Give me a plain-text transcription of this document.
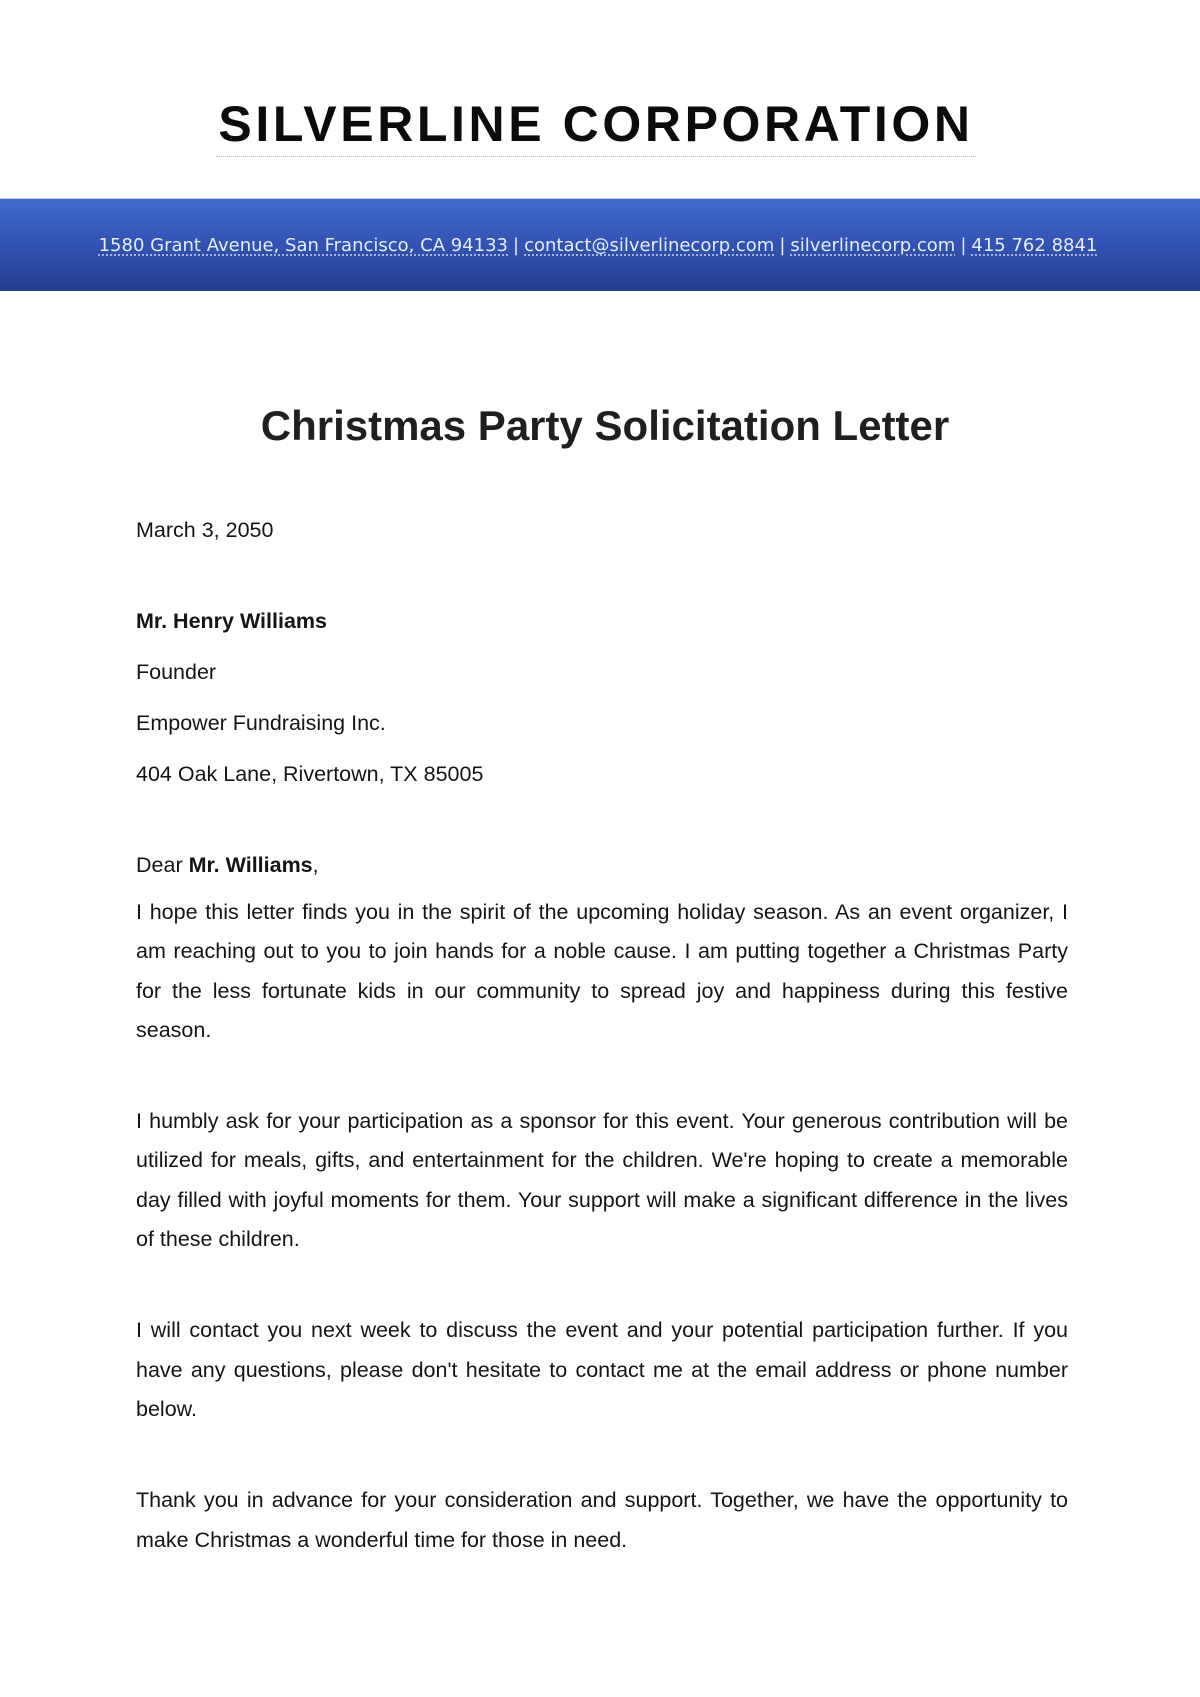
SILVERLINE CORPORATION
1580 Grant Avenue, San Francisco, CA 94133 | contact@silverlinecorp.com | silverlinecorp.com | 415 762 8841
Christmas Party Solicitation Letter
March 3, 2050
Mr. Henry Williams
Founder
Empower Fundraising Inc.
404 Oak Lane, Rivertown, TX 85005
Dear Mr. Williams,

I hope this letter finds you in the spirit of the upcoming holiday season. As an event organizer, I am reaching out to you to join hands for a noble cause. I am putting together a Christmas Party for the less fortunate kids in our community to spread joy and happiness during this festive season.

I humbly ask for your participation as a sponsor for this event. Your generous contribution will be utilized for meals, gifts, and entertainment for the children. We're hoping to create a memorable day filled with joyful moments for them. Your support will make a significant difference in the lives of these children.

I will contact you next week to discuss the event and your potential participation further. If you have any questions, please don't hesitate to contact me at the email address or phone number below.

Thank you in advance for your consideration and support. Together, we have the opportunity to make Christmas a wonderful time for those in need.
